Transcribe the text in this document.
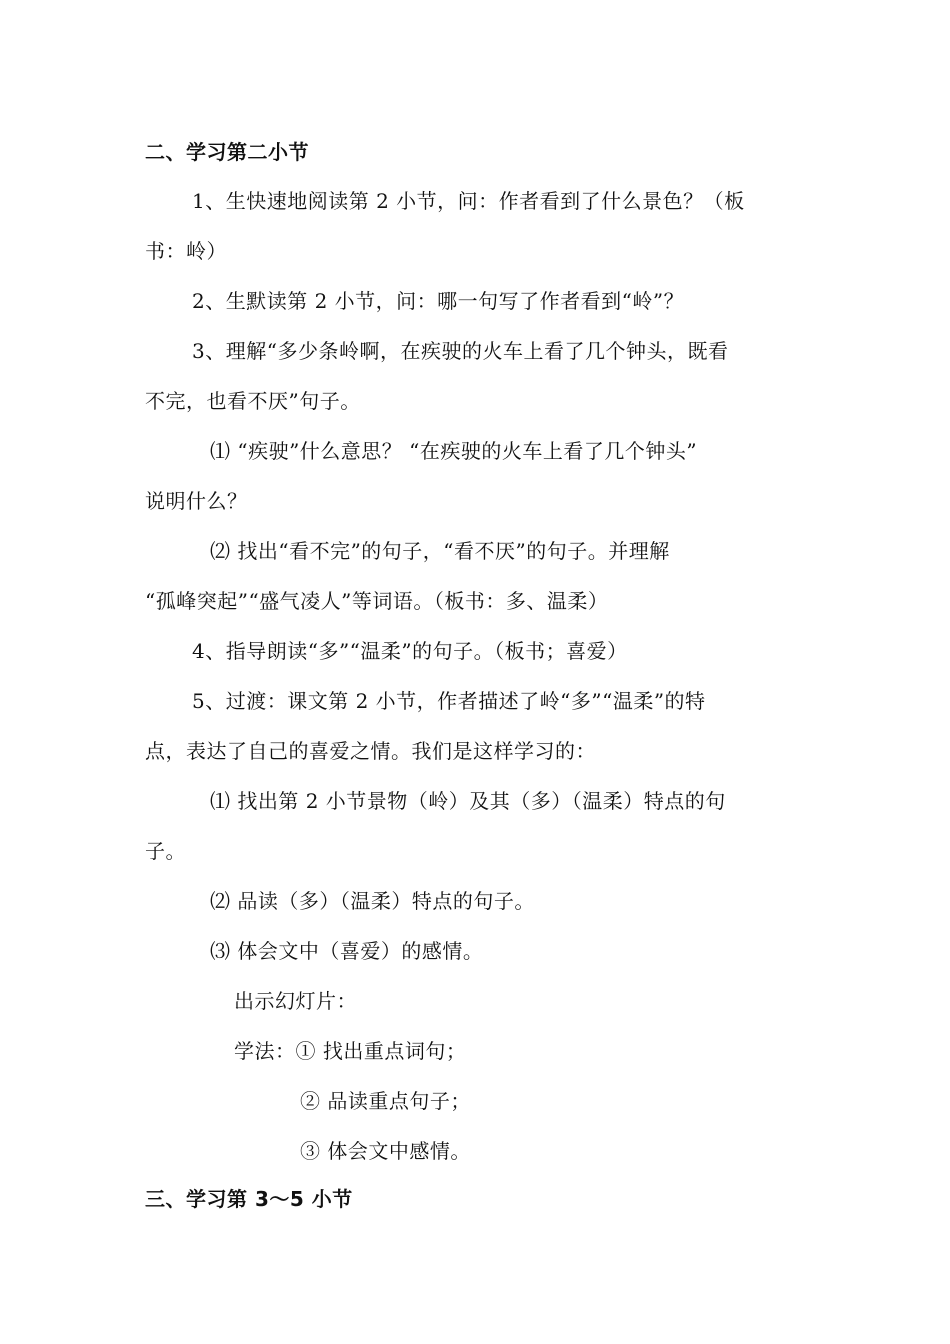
二、学习第二小节
1、生快速地阅读第 2 小节，问：作者看到了什么景色？（板
书：岭）
2、生默读第 2 小节，问：哪一句写了作者看到“岭”？
3、理解“多少条岭啊，在疾驶的火车上看了几个钟头，既看
不完，也看不厌”句子。
⑴ “疾驶”什么意思？ “在疾驶的火车上看了几个钟头”
说明什么？
⑵ 找出“看不完”的句子，“看不厌”的句子。并理解
“孤峰突起”“盛气凌人”等词语。（板书：多、温柔）
4、指导朗读“多”“温柔”的句子。（板书；喜爱）
5、过渡：课文第 2 小节，作者描述了岭“多”“温柔”的特
点，表达了自己的喜爱之情。我们是这样学习的：
⑴ 找出第 2 小节景物（岭）及其（多）（温柔）特点的句
子。
⑵ 品读（多）（温柔）特点的句子。
⑶ 体会文中（喜爱）的感情。
出示幻灯片：
学法：① 找出重点词句；
② 品读重点句子；
③ 体会文中感情。
三、学习第 3～5 小节
